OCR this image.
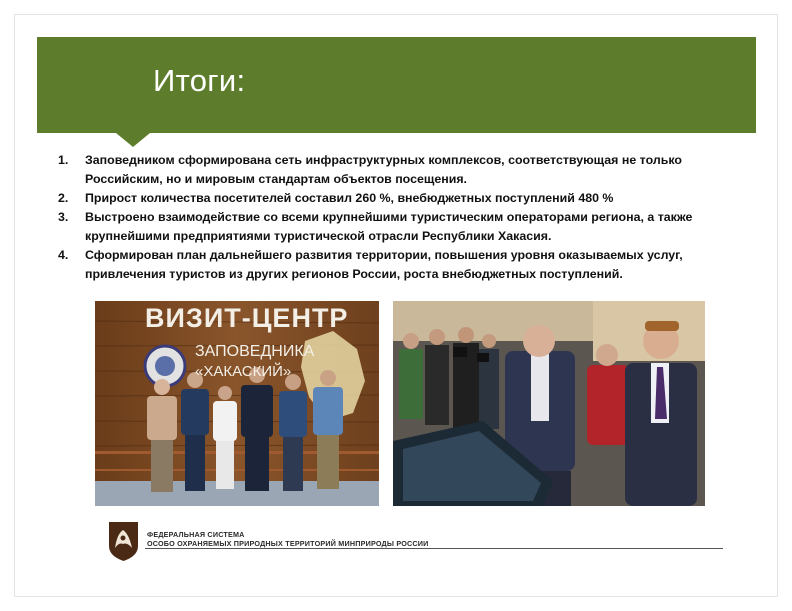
Итоги:
1. Заповедником сформирована сеть инфраструктурных комплексов, соответствующая не только Российским, но и мировым стандартам объектов посещения.
2. Прирост количества посетителей составил 260 %, внебюджетных поступлений 480 %
3. Выстроено взаимодействие со всеми крупнейшими туристическим операторами региона, а также крупнейшими предприятиями туристической отрасли Республики Хакасия.
4. Сформирован план дальнейшего развития территории, повышения уровня оказываемых услуг, привлечения туристов из других регионов России, роста внебюджетных поступлений.
ВИЗИТ-ЦЕНТР
ЗАПОВЕДНИКА
«ХАКАСКИЙ»
ФЕДЕРАЛЬНАЯ СИСТЕМА
ОСОБО ОХРАНЯЕМЫХ ПРИРОДНЫХ ТЕРРИТОРИЙ МИНПРИРОДЫ РОССИИ
